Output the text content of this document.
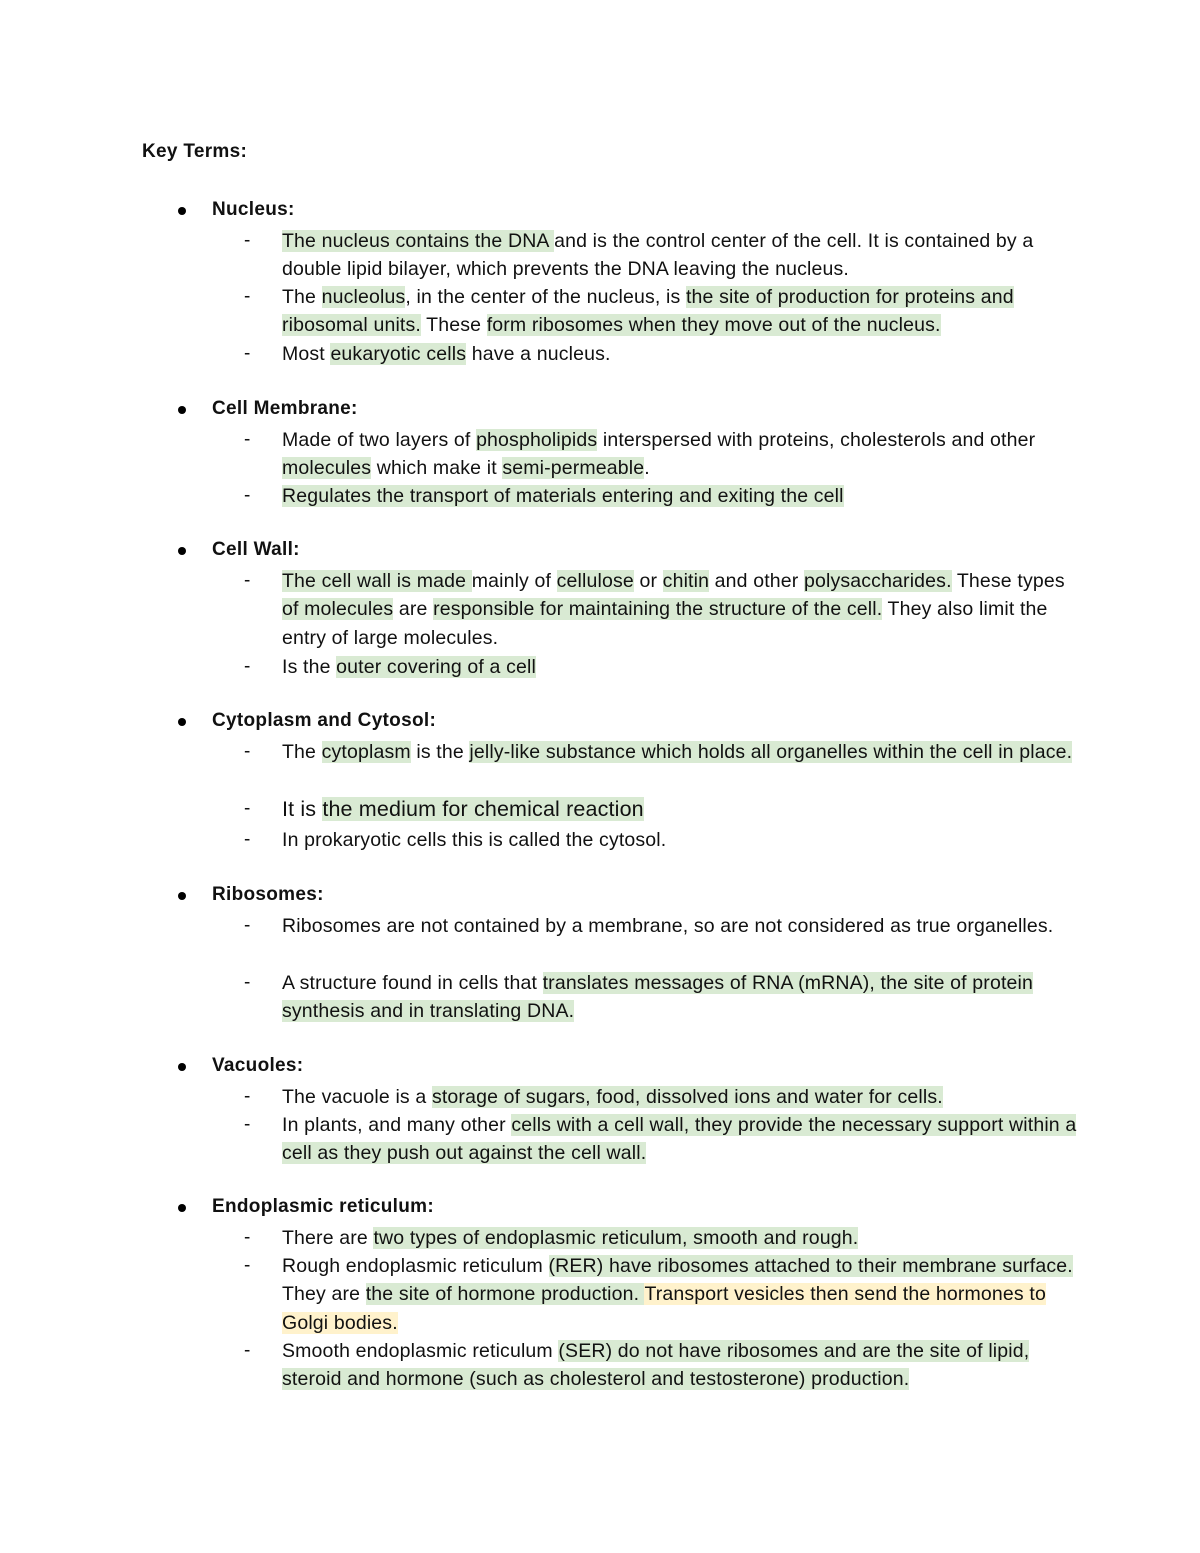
Key Terms:
Nucleus:
- The nucleus contains the DNA and is the control center of the cell. It is contained by a double lipid bilayer, which prevents the DNA leaving the nucleus.
- The nucleolus, in the center of the nucleus, is the site of production for proteins and ribosomal units. These form ribosomes when they move out of the nucleus.
- Most eukaryotic cells have a nucleus.
Cell Membrane:
- Made of two layers of phospholipids interspersed with proteins, cholesterols and other molecules which make it semi-permeable.
- Regulates the transport of materials entering and exiting the cell
Cell Wall:
- The cell wall is made mainly of cellulose or chitin and other polysaccharides. These types of molecules are responsible for maintaining the structure of the cell. They also limit the entry of large molecules.
- Is the outer covering of a cell
Cytoplasm and Cytosol:
- The cytoplasm is the jelly-like substance which holds all organelles within the cell in place.
- It is the medium for chemical reaction
- In prokaryotic cells this is called the cytosol.
Ribosomes:
- Ribosomes are not contained by a membrane, so are not considered as true organelles.
- A structure found in cells that translates messages of RNA (mRNA), the site of protein synthesis and in translating DNA.
Vacuoles:
- The vacuole is a storage of sugars, food, dissolved ions and water for cells.
- In plants, and many other cells with a cell wall, they provide the necessary support within a cell as they push out against the cell wall.
Endoplasmic reticulum:
- There are two types of endoplasmic reticulum, smooth and rough.
- Rough endoplasmic reticulum (RER) have ribosomes attached to their membrane surface. They are the site of hormone production. Transport vesicles then send the hormones to Golgi bodies.
- Smooth endoplasmic reticulum (SER) do not have ribosomes and are the site of lipid, steroid and hormone (such as cholesterol and testosterone) production.
